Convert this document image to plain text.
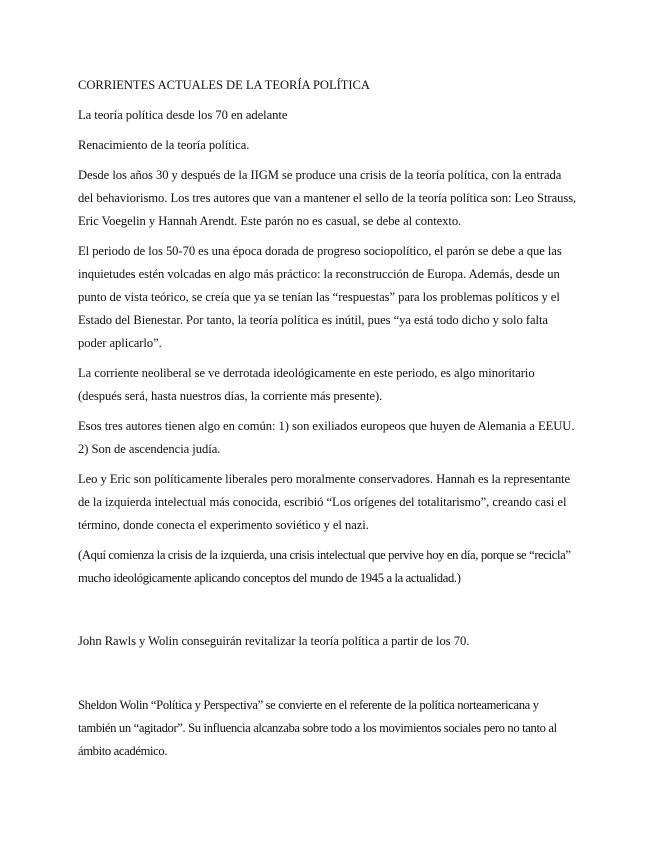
CORRIENTES ACTUALES DE LA TEORÍA POLÍTICA

La teoría política desde los 70 en adelante

Renacimiento de la teoría política.

Desde los años 30 y después de la IIGM se produce una crisis de la teoría política, con la entrada del behaviorismo. Los tres autores que van a mantener el sello de la teoría política son: Leo Strauss, Eric Voegelin y Hannah Arendt. Este parón no es casual, se debe al contexto.

El periodo de los 50-70 es una época dorada de progreso sociopolítico, el parón se debe a que las inquietudes estén volcadas en algo más práctico: la reconstrucción de Europa. Además, desde un punto de vista teórico, se creía que ya se tenían las “respuestas” para los problemas políticos y el Estado del Bienestar. Por tanto, la teoría política es inútil, pues “ya está todo dicho y solo falta poder aplicarlo”.

La corriente neoliberal se ve derrotada ideológicamente en este periodo, es algo minoritario (después será, hasta nuestros días, la corriente más presente).

Esos tres autores tienen algo en común: 1) son exiliados europeos que huyen de Alemania a EEUU. 2) Son de ascendencia judía.

Leo y Eric son políticamente liberales pero moralmente conservadores. Hannah es la representante de la izquierda intelectual más conocida, escribió “Los orígenes del totalitarismo”, creando casi el término, donde conecta el experimento soviético y el nazi.

(Aquí comienza la crisis de la izquierda, una crisis intelectual que pervive hoy en día, porque se “recicla” mucho ideológicamente aplicando conceptos del mundo de 1945 a la actualidad.)

John Rawls y Wolin conseguirán revitalizar la teoría política a partir de los 70.

Sheldon Wolin “Política y Perspectiva” se convierte en el referente de la política norteamericana y también un “agitador”. Su influencia alcanzaba sobre todo a los movimientos sociales pero no tanto al ámbito académico.
